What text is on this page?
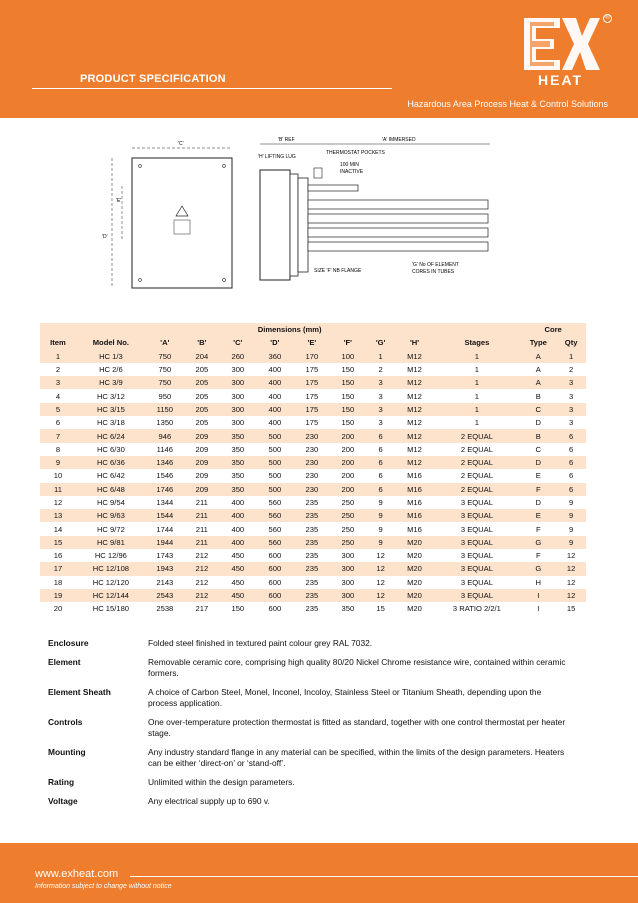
PRODUCT SPECIFICATION
Hazardous Area Process Heat & Control Solutions
HEAT
®
'C'
'D'
'E'
'B' REF	'A' IMMERSED
'H' LIFTING LUG
THERMOSTAT POCKETS
100 MIN
INACTIVE
SIZE 'F' NB FLANGE
'G' No OF ELEMENT
CORES IN TUBES
		Dimensions (mm)									Core	
Item	Model No.	'A'	'B'	'C'	'D'	'E'	'F'	'G'	'H'	Stages	Type	Qty
1	HC 1/3	750	204	260	360	170	100	1	M12	1	A	1
2	HC 2/6	750	205	300	400	175	150	2	M12	1	A	2
3	HC 3/9	750	205	300	400	175	150	3	M12	1	A	3
4	HC 3/12	950	205	300	400	175	150	3	M12	1	B	3
5	HC 3/15	1150	205	300	400	175	150	3	M12	1	C	3
6	HC 3/18	1350	205	300	400	175	150	3	M12	1	D	3
7	HC 6/24	946	209	350	500	230	200	6	M12	2 EQUAL	B	6
8	HC 6/30	1146	209	350	500	230	200	6	M12	2 EQUAL	C	6
9	HC 6/36	1346	209	350	500	230	200	6	M12	2 EQUAL	D	6
10	HC 6/42	1546	209	350	500	230	200	6	M16	2 EQUAL	E	6
11	HC 6/48	1746	209	350	500	230	200	6	M16	2 EQUAL	F	6
12	HC 9/54	1344	211	400	560	235	250	9	M16	3 EQUAL	D	9
13	HC 9/63	1544	211	400	560	235	250	9	M16	3 EQUAL	E	9
14	HC 9/72	1744	211	400	560	235	250	9	M16	3 EQUAL	F	9
15	HC 9/81	1944	211	400	560	235	250	9	M20	3 EQUAL	G	9
16	HC 12/96	1743	212	450	600	235	300	12	M20	3 EQUAL	F	12
17	HC 12/108	1943	212	450	600	235	300	12	M20	3 EQUAL	G	12
18	HC 12/120	2143	212	450	600	235	300	12	M20	3 EQUAL	H	12
19	HC 12/144	2543	212	450	600	235	300	12	M20	3 EQUAL	I	12
20	HC 15/180	2538	217	150	600	235	350	15	M20	3 RATIO 2/2/1	I	15
Enclosure	Folded steel finished in textured paint colour grey RAL 7032.
Element	Removable ceramic core, comprising high quality 80/20 Nickel Chrome resistance wire, contained within ceramic formers.
Element Sheath	A choice of Carbon Steel, Monel, Inconel, Incoloy, Stainless Steel or Titanium Sheath, depending upon the process application.
Controls	One over-temperature protection thermostat is fitted as standard, together with one control thermostat per heater stage.
Mounting	Any industry standard flange in any material can be specified, within the limits of the design parameters. Heaters can be either ‘direct-on’ or ‘stand-off’.
Rating	Unlimited within the design parameters.
Voltage	Any electrical supply up to 690 v.
www.exheat.com
Information subject to change without notice
